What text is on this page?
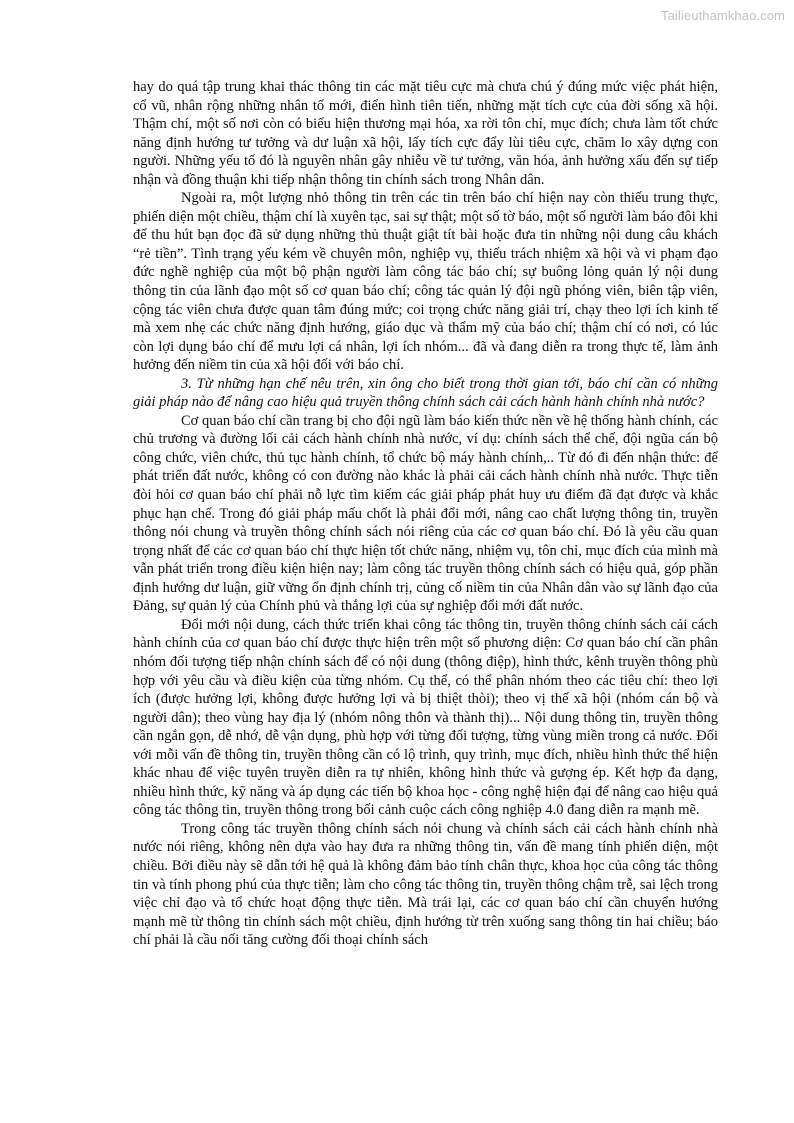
Tailieuthamkhao.com

hay do quá tập trung khai thác thông tin các mặt tiêu cực mà chưa chú ý đúng mức việc phát hiện, cổ vũ, nhân rộng những nhân tố mới, điển hình tiên tiến, những mặt tích cực của đời sống xã hội. Thậm chí, một số nơi còn có biểu hiện thương mại hóa, xa rời tôn chỉ, mục đích; chưa làm tốt chức năng định hướng tư tưởng và dư luận xã hội, lấy tích cực đẩy lùi tiêu cực, chăm lo xây dựng con người. Những yếu tố đó là nguyên nhân gây nhiễu về tư tưởng, văn hóa, ảnh hưởng xấu đến sự tiếp nhận và đồng thuận khi tiếp nhận thông tin chính sách trong Nhân dân.

Ngoài ra, một lượng nhỏ thông tin trên các tin trên báo chí hiện nay còn thiếu trung thực, phiến diện một chiều, thậm chí là xuyên tạc, sai sự thật; một số tờ báo, một số người làm báo đôi khi để thu hút bạn đọc đã sử dụng những thủ thuật giật tít bài hoặc đưa tin những nội dung câu khách “rẻ tiền”. Tình trạng yếu kém về chuyên môn, nghiệp vụ, thiếu trách nhiệm xã hội và vi phạm đạo đức nghề nghiệp của một bộ phận người làm công tác báo chí; sự buông lỏng quản lý nội dung thông tin của lãnh đạo một số cơ quan báo chí; công tác quản lý đội ngũ phóng viên, biên tập viên, cộng tác viên chưa được quan tâm đúng mức; coi trọng chức năng giải trí, chạy theo lợi ích kinh tế mà xem nhẹ các chức năng định hướng, giáo dục và thẩm mỹ của báo chí; thậm chí có nơi, có lúc còn lợi dụng báo chí để mưu lợi cá nhân, lợi ích nhóm... đã và đang diễn ra trong thực tế, làm ảnh hưởng đến niềm tin của xã hội đối với báo chí.

3. Từ những hạn chế nêu trên, xin ông cho biết trong thời gian tới, báo chí cần có những giải pháp nào để nâng cao hiệu quả truyền thông chính sách cải cách hành hành chính nhà nước?

Cơ quan báo chí cần trang bị cho đội ngũ làm báo kiến thức nền về hệ thống hành chính, các chủ trương và đường lối cải cách hành chính nhà nước, ví dụ: chính sách thể chế, đội ngũa cán bộ công chức, viên chức, thủ tục hành chính, tổ chức bộ máy hành chính,.. Từ đó đi đến nhận thức: để phát triển đất nước, không có con đường nào khác là phải cải cách hành chính nhà nước. Thực tiễn đòi hỏi cơ quan báo chí phải nỗ lực tìm kiếm các giải pháp phát huy ưu điểm đã đạt được và khắc phục hạn chế. Trong đó giải pháp mấu chốt là phải đổi mới, nâng cao chất lượng thông tin, truyền thông nói chung và truyền thông chính sách nói riêng của các cơ quan báo chí. Đó là yêu cầu quan trọng nhất để các cơ quan báo chí thực hiện tốt chức năng, nhiệm vụ, tôn chỉ, mục đích của mình mà vẫn phát triển trong điều kiện hiện nay; làm công tác truyền thông chính sách có hiệu quả, góp phần định hướng dư luận, giữ vững ổn định chính trị, củng cố niềm tin của Nhân dân vào sự lãnh đạo của Đảng, sự quản lý của Chính phủ và thắng lợi của sự nghiệp đổi mới đất nước.

Đổi mới nội dung, cách thức triển khai công tác thông tin, truyền thông chính sách cải cách hành chính của cơ quan báo chí được thực hiện trên một số phương diện: Cơ quan báo chí cần phân nhóm đối tượng tiếp nhận chính sách để có nội dung (thông điệp), hình thức, kênh truyền thông phù hợp với yêu cầu và điều kiện của từng nhóm. Cụ thể, có thể phân nhóm theo các tiêu chí: theo lợi ích (được hưởng lợi, không được hưởng lợi và bị thiệt thòi); theo vị thế xã hội (nhóm cán bộ và người dân); theo vùng hay địa lý (nhóm nông thôn và thành thị)... Nội dung thông tin, truyền thông cần ngắn gọn, dễ nhớ, dễ vận dụng, phù hợp với từng đối tượng, từng vùng miền trong cả nước. Đối với mỗi vấn đề thông tin, truyền thông cần có lộ trình, quy trình, mục đích, nhiều hình thức thể hiện khác nhau để việc tuyên truyền diễn ra tự nhiên, không hình thức và gượng ép. Kết hợp đa dạng, nhiều hình thức, kỹ năng và áp dụng các tiến bộ khoa học - công nghệ hiện đại để nâng cao hiệu quả công tác thông tin, truyền thông trong bối cảnh cuộc cách công nghiệp 4.0 đang diễn ra mạnh mẽ.

Trong công tác truyền thông chính sách nói chung và chính sách cải cách hành chính nhà nước nói riêng, không nên dựa vào hay đưa ra những thông tin, vấn đề mang tính phiến diện, một chiều. Bởi điều này sẽ dẫn tới hệ quả là không đảm bảo tính chân thực, khoa học của công tác thông tin và tính phong phú của thực tiễn; làm cho công tác thông tin, truyền thông chậm trễ, sai lệch trong việc chỉ đạo và tổ chức hoạt động thực tiễn. Mà trái lại, các cơ quan báo chí cần chuyển hướng mạnh mẽ từ thông tin chính sách một chiều, định hướng từ trên xuống sang thông tin hai chiều; báo chí phải là cầu nối tăng cường đối thoại chính sách
